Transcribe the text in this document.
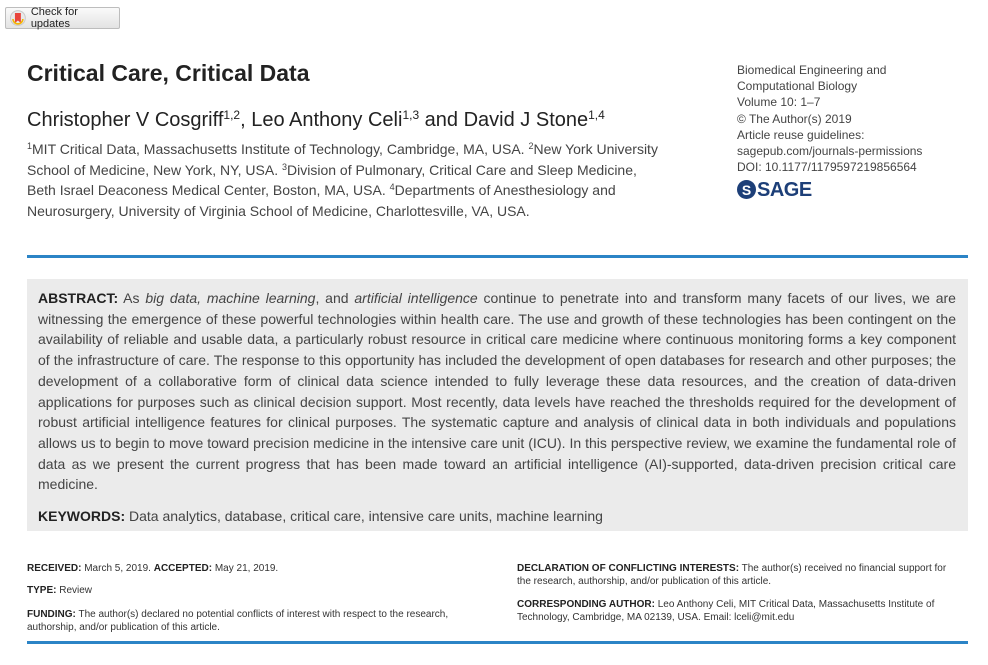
Check for updates
Critical Care, Critical Data

Christopher V Cosgriff$^{1,2}$, Leo Anthony Celi$^{1,3}$ and David J Stone$^{1,4}$

$^1$MIT Critical Data, Massachusetts Institute of Technology, Cambridge, MA, USA. $^2$New York University School of Medicine, New York, NY, USA. $^3$Division of Pulmonary, Critical Care and Sleep Medicine, Beth Israel Deaconess Medical Center, Boston, MA, USA. $^4$Departments of Anesthesiology and Neurosurgery, University of Virginia School of Medicine, Charlottesville, VA, USA.

Biomedical Engineering and
Computational Biology
Volume 10: 1–7
© The Author(s) 2019
Article reuse guidelines:
sagepub.com/journals-permissions
DOI: 10.1177/1179597219856564
S SAGE

ABSTRACT: As big data, machine learning, and artificial intelligence continue to penetrate into and transform many facets of our lives, we are witnessing the emergence of these powerful technologies within health care. The use and growth of these technologies has been contingent on the availability of reliable and usable data, a particularly robust resource in critical care medicine where continuous monitoring forms a key component of the infrastructure of care. The response to this opportunity has included the development of open databases for research and other purposes; the development of a collaborative form of clinical data science intended to fully leverage these data resources, and the creation of data-driven applications for purposes such as clinical decision support. Most recently, data levels have reached the thresholds required for the development of robust artificial intelligence features for clinical purposes. The systematic capture and analysis of clinical data in both individuals and populations allows us to begin to move toward precision medicine in the intensive care unit (ICU). In this perspective review, we examine the fundamental role of data as we present the current progress that has been made toward an artificial intelligence (AI)-supported, data-driven precision critical care medicine.

KEYWORDS: Data analytics, database, critical care, intensive care units, machine learning

RECEIVED: March 5, 2019. ACCEPTED: May 21, 2019.
TYPE: Review
FUNDING: The author(s) declared no potential conflicts of interest with respect to the research, authorship, and/or publication of this article.
DECLARATION OF CONFLICTING INTERESTS: The author(s) received no financial support for the research, authorship, and/or publication of this article.
CORRESPONDING AUTHOR: Leo Anthony Celi, MIT Critical Data, Massachusetts Institute of Technology, Cambridge, MA 02139, USA. Email: lceli@mit.edu
